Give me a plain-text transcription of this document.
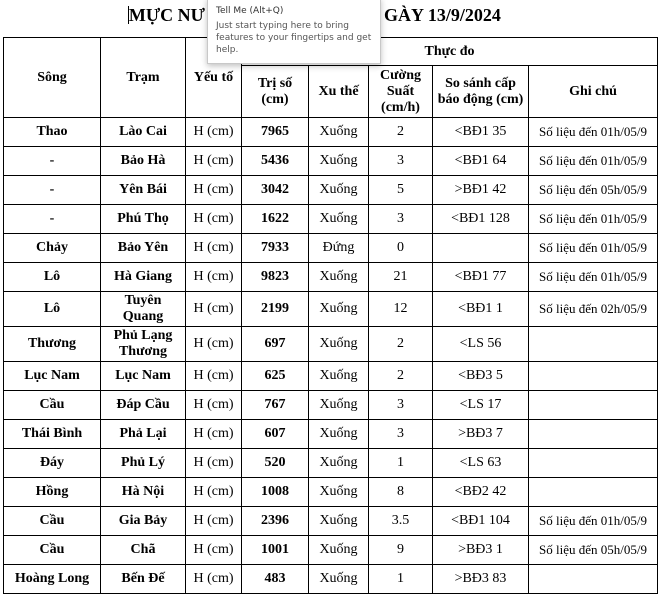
MỰC NƯ	GÀY 13/9/2024
Sông	Trạm	Yếu tố	Thực đo				
			Trị số (cm)	Xu thế	Cường Suất (cm/h)	So sánh cấp báo động (cm)	Ghi chú
Thao	Lào Cai	H (cm)	7965	Xuống	2	<BĐ1 35	Số liệu đến 01h/05/9
-	Bảo Hà	H (cm)	5436	Xuống	3	<BĐ1 64	Số liệu đến 01h/05/9
-	Yên Bái	H (cm)	3042	Xuống	5	>BĐ1 42	Số liệu đến 05h/05/9
-	Phú Thọ	H (cm)	1622	Xuống	3	<BĐ1 128	Số liệu đến 01h/05/9
Chảy	Bảo Yên	H (cm)	7933	Đứng	0		Số liệu đến 01h/05/9
Lô	Hà Giang	H (cm)	9823	Xuống	21	<BĐ1 77	Số liệu đến 01h/05/9
Lô	Tuyên Quang	H (cm)	2199	Xuống	12	<BĐ1 1	Số liệu đến 02h/05/9
Thương	Phủ Lạng Thương	H (cm)	697	Xuống	2	<LS 56	
Lục Nam	Lục Nam	H (cm)	625	Xuống	2	<BĐ3 5	
Cầu	Đáp Cầu	H (cm)	767	Xuống	3	<LS 17	
Thái Bình	Phả Lại	H (cm)	607	Xuống	3	>BĐ3 7	
Đáy	Phủ Lý	H (cm)	520	Xuống	1	<LS 63	
Hồng	Hà Nội	H (cm)	1008	Xuống	8	<BĐ2 42	
Cầu	Gia Bảy	H (cm)	2396	Xuống	3.5	<BĐ1 104	Số liệu đến 01h/05/9
Cầu	Chã	H (cm)	1001	Xuống	9	>BĐ3 1	Số liệu đến 05h/05/9
Hoàng Long	Bến Đế	H (cm)	483	Xuống	1	>BĐ3 83	
Tell Me (Alt+Q)
Just start typing here to bring features to your fingertips and get help.
